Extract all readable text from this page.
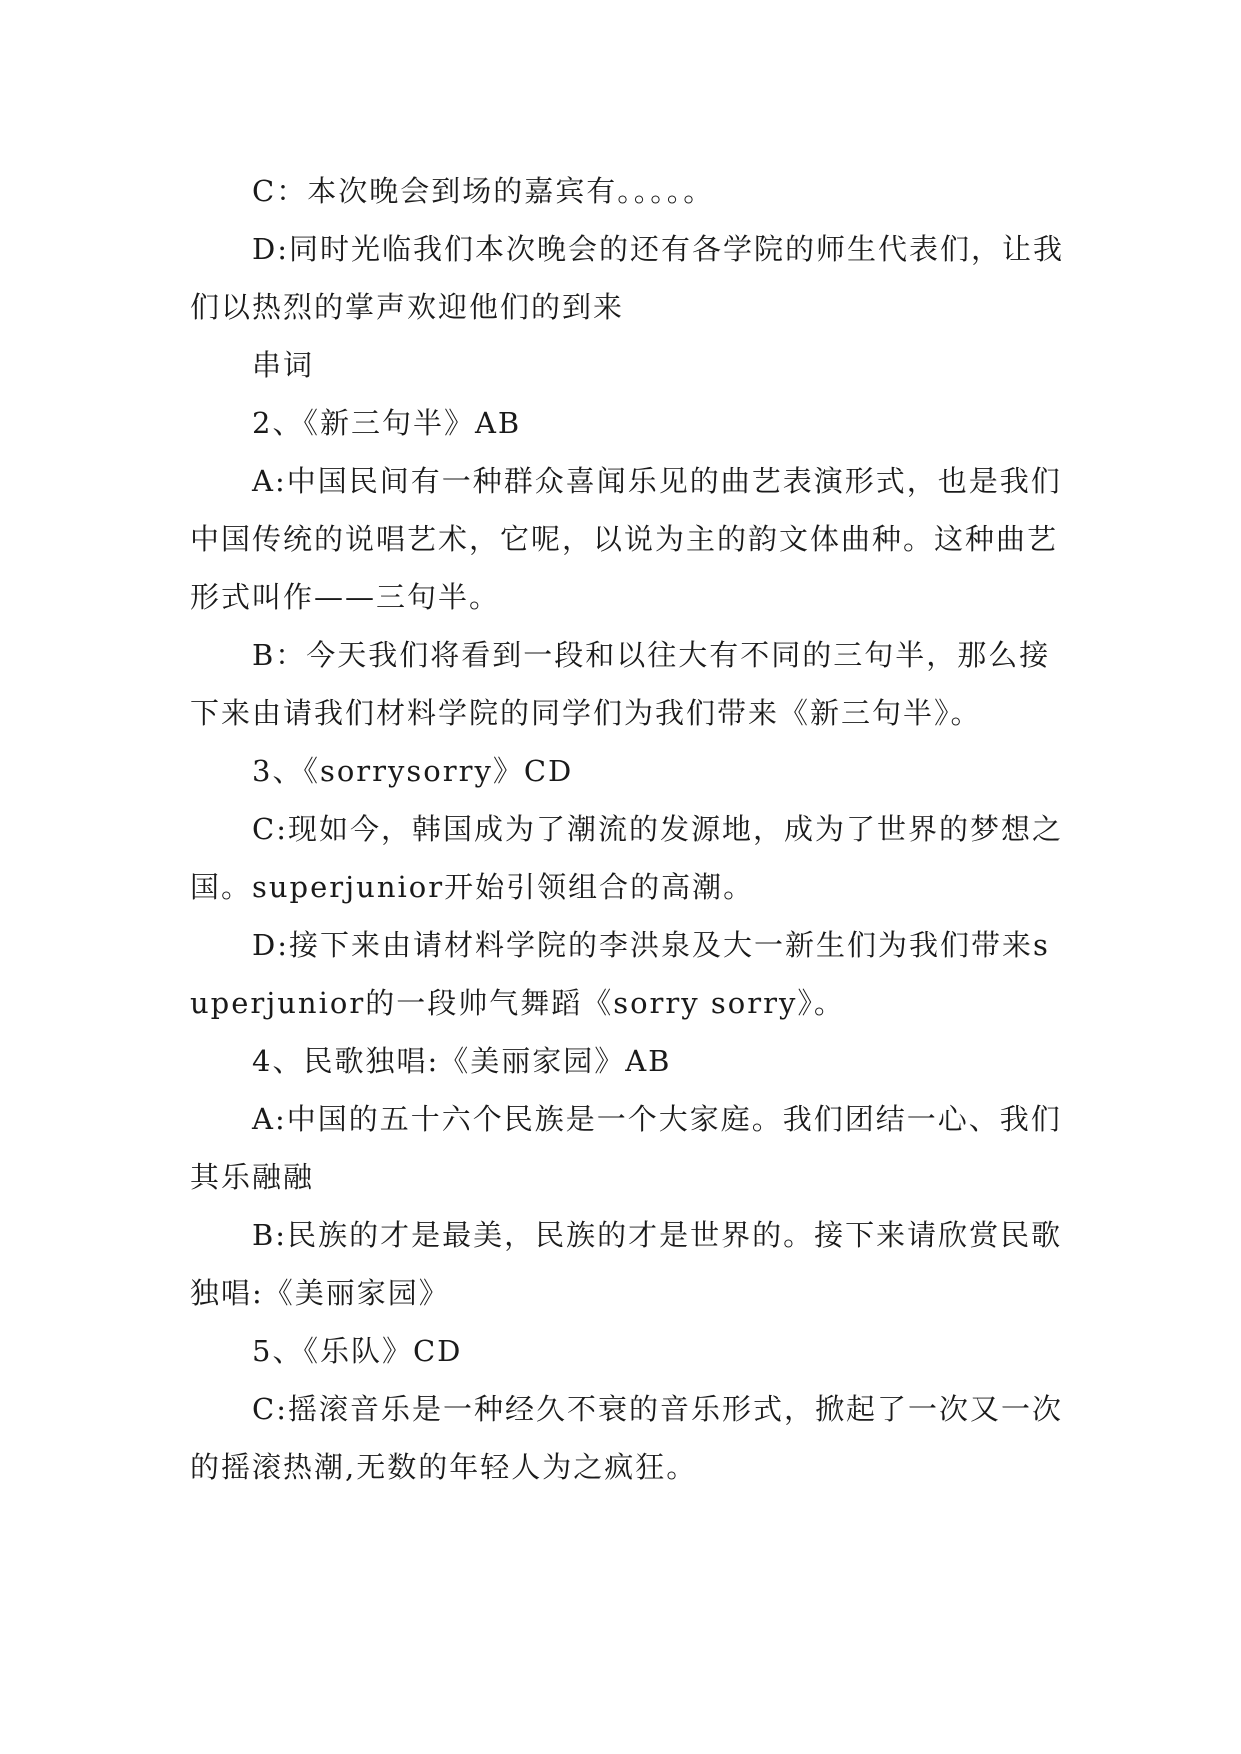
C：本次晚会到场的嘉宾有。。。。。

D:同时光临我们本次晚会的还有各学院的师生代表们，让我们以热烈的掌声欢迎他们的到来

串词

2、《新三句半》AB

A:中国民间有一种群众喜闻乐见的曲艺表演形式，也是我们中国传统的说唱艺术，它呢，以说为主的韵文体曲种。这种曲艺形式叫作——三句半。

B：今天我们将看到一段和以往大有不同的三句半，那么接下来由请我们材料学院的同学们为我们带来《新三句半》。

3、《sorrysorry》CD

C:现如今，韩国成为了潮流的发源地，成为了世界的梦想之国。superjunior开始引领组合的高潮。

D:接下来由请材料学院的李洪泉及大一新生们为我们带来superjunior的一段帅气舞蹈《sorry sorry》。

4、民歌独唱:《美丽家园》AB

A:中国的五十六个民族是一个大家庭。我们团结一心、我们其乐融融

B:民族的才是最美，民族的才是世界的。接下来请欣赏民歌独唱:《美丽家园》

5、《乐队》CD

C:摇滚音乐是一种经久不衰的音乐形式，掀起了一次又一次的摇滚热潮,无数的年轻人为之疯狂。
